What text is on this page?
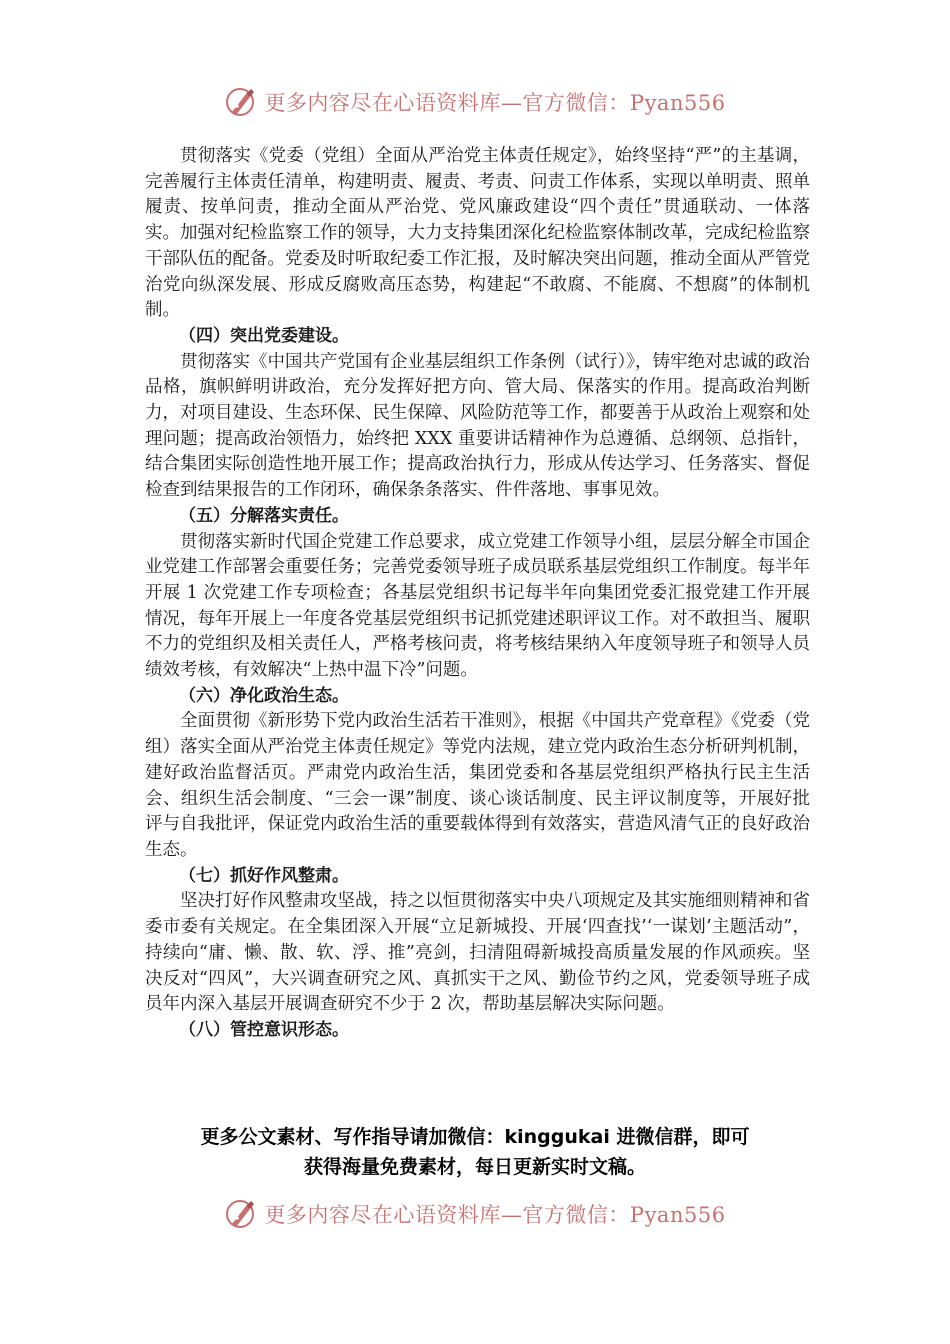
更多内容尽在心语资料库—官方微信：Pyan556

贯彻落实《党委（党组）全面从严治党主体责任规定》，始终坚持“严”的主基调，完善履行主体责任清单，构建明责、履责、考责、问责工作体系，实现以单明责、照单履责、按单问责，推动全面从严治党、党风廉政建设“四个责任”贯通联动、一体落实。加强对纪检监察工作的领导，大力支持集团深化纪检监察体制改革，完成纪检监察干部队伍的配备。党委及时听取纪委工作汇报，及时解决突出问题，推动全面从严管党治党向纵深发展、形成反腐败高压态势，构建起“不敢腐、不能腐、不想腐”的体制机制。

（四）突出党委建设。

贯彻落实《中国共产党国有企业基层组织工作条例（试行）》，铸牢绝对忠诚的政治品格，旗帜鲜明讲政治，充分发挥好把方向、管大局、保落实的作用。提高政治判断力，对项目建设、生态环保、民生保障、风险防范等工作，都要善于从政治上观察和处理问题；提高政治领悟力，始终把 XXX 重要讲话精神作为总遵循、总纲领、总指针，结合集团实际创造性地开展工作；提高政治执行力，形成从传达学习、任务落实、督促检查到结果报告的工作闭环，确保条条落实、件件落地、事事见效。

（五）分解落实责任。

贯彻落实新时代国企党建工作总要求，成立党建工作领导小组，层层分解全市国企业党建工作部署会重要任务；完善党委领导班子成员联系基层党组织工作制度。每半年开展 1 次党建工作专项检查；各基层党组织书记每半年向集团党委汇报党建工作开展情况，每年开展上一年度各党基层党组织书记抓党建述职评议工作。对不敢担当、履职不力的党组织及相关责任人，严格考核问责，将考核结果纳入年度领导班子和领导人员绩效考核，有效解决“上热中温下冷”问题。

（六）净化政治生态。

全面贯彻《新形势下党内政治生活若干准则》，根据《中国共产党章程》《党委（党组）落实全面从严治党主体责任规定》等党内法规，建立党内政治生态分析研判机制，建好政治监督活页。严肃党内政治生活，集团党委和各基层党组织严格执行民主生活会、组织生活会制度、“三会一课”制度、谈心谈话制度、民主评议制度等，开展好批评与自我批评，保证党内政治生活的重要载体得到有效落实，营造风清气正的良好政治生态。

（七）抓好作风整肃。

坚决打好作风整肃攻坚战，持之以恒贯彻落实中央八项规定及其实施细则精神和省委市委有关规定。在全集团深入开展“立足新城投、开展‘四查找’‘一谋划’主题活动”，持续向“庸、懒、散、软、浮、推”亮剑，扫清阻碍新城投高质量发展的作风顽疾。坚决反对“四风”，大兴调查研究之风、真抓实干之风、勤俭节约之风，党委领导班子成员年内深入基层开展调查研究不少于 2 次，帮助基层解决实际问题。

（八）管控意识形态。

更多公文素材、写作指导请加微信：kinggukai 进微信群，即可
获得海量免费素材，每日更新实时文稿。
更多内容尽在心语资料库—官方微信：Pyan556
